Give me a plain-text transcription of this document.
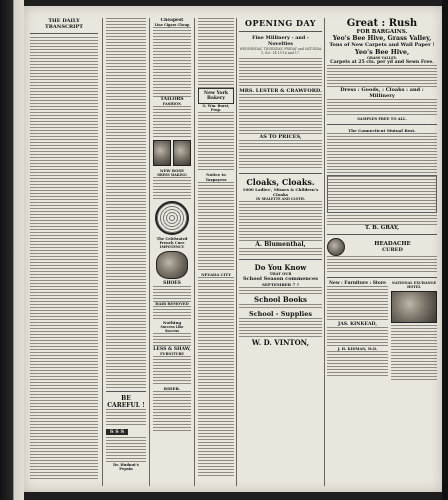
THE DAILY TRANSCRIPT
BE CAREFUL !
S S S
Dr. Hudnut's Pepsin
Cheapest
Line Cigars Cheap
TAILORS
FASHION
NEW ROSE
DRESS MAKING
The Celebrated French Cure
IMPOTENCY
SHOES
HAIR REMOVED
Nothing
Success Like Success
LESS & SHAW,
FURNITURE
RIDER.
New York Bakery
G. Wm. Burst, Prop.
Notice to Taxpayers
NEVADA CITY
OPENING DAY
Fine Millinery - and - Novelties
WEDNESDAY, THURSDAY, FRIDAY and SATURDAY, Oct. 14-15-16 and 17.
MRS. LESTER & CRAWFORD.
AS TO PRICES,
Cloaks, Cloaks.
1000 Ladies', Misses & Children's Cloaks
IN SEALETTE AND CLOTH.
A. Blumenthal,
Do You Know
THAT OUR
School Season commences
SEPTEMBER 7 ?
School Books
School - Supplies
W. D. VINTON,
Great : Rush
FOR BARGAINS.
Yeo's Bee Hive, Grass Valley,
Tons of New Carpets and Wall Paper !
Yeo's Bee Hive,
GRASS VALLEY.
Carpets at 25 cts. per yd and Sewn Free.
Dress : Goods, : Cloaks : and : Millinery
SAMPLES FREE TO ALL.
The Connecticut Mutual Rest.
T. B. GRAY,
HEADACHE
CURED
New : Furniture : Store
JAS. KINKEAD,
J. H. KIDMAN, M.D.
NATIONAL EXCHANGE HOTEL
